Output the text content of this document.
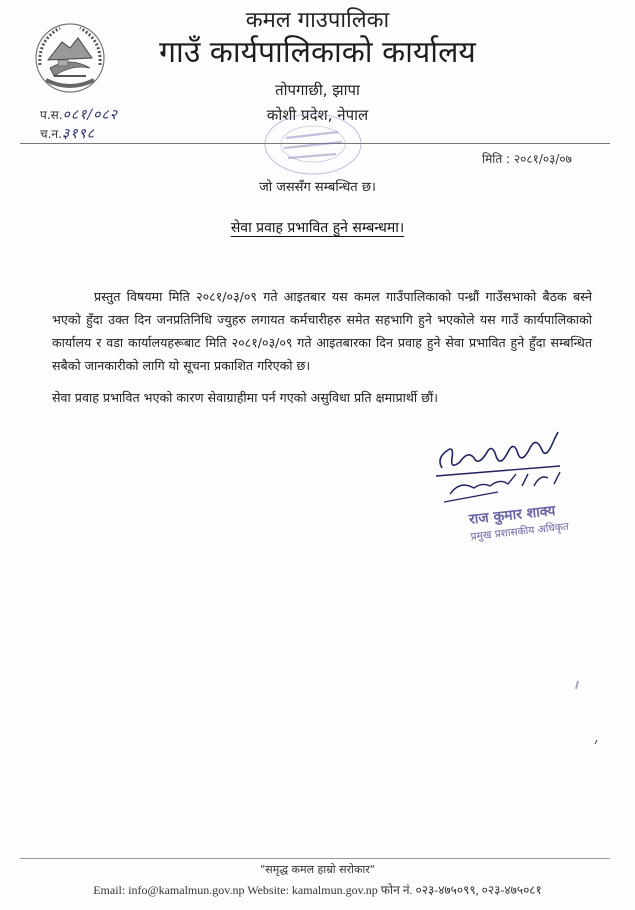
कमल गाउपालिका
गाउँ कार्यपालिकाको कार्यालय
तोपगाछी, झापा
कोशी प्रदेश, नेपाल
प.स.०८१/०८२
च.न.३१९८
मिति : २०८१/०३/०७
जो जससँग सम्बन्धित छ।
सेवा प्रवाह प्रभावित हुने सम्बन्धमा।

प्रस्तुत विषयमा मिति २०८१/०३/०९ गते आइतबार यस कमल गाउँपालिकाको पन्ध्रौं गाउँसभाको बैठक बस्ने भएको हुँदा उक्त दिन जनप्रतिनिधि ज्युहरु लगायत कर्मचारीहरु समेत सहभागि हुने भएकोले यस गाउँ कार्यपालिकाको कार्यालय र वडा कार्यालयहरूबाट मिति २०८१/०३/०९ गते आइतबारका दिन प्रवाह हुने सेवा प्रभावित हुने हुँदा सम्बन्धित सबैको जानकारीको लागि यो सूचना प्रकाशित गरिएको छ।

सेवा प्रवाह प्रभावित भएको कारण सेवाग्राहीमा पर्न गएको असुविधा प्रति क्षमाप्रार्थी छौं।

राज कुमार शाक्य
प्रमुख प्रशासकीय अधिकृत
"समृद्ध कमल हाम्रो सरोकार"
Email: info@kamalmun.gov.np Website: kamalmun.gov.np फोन नं. ०२३-४७५०९९, ०२३-४७५०८१
